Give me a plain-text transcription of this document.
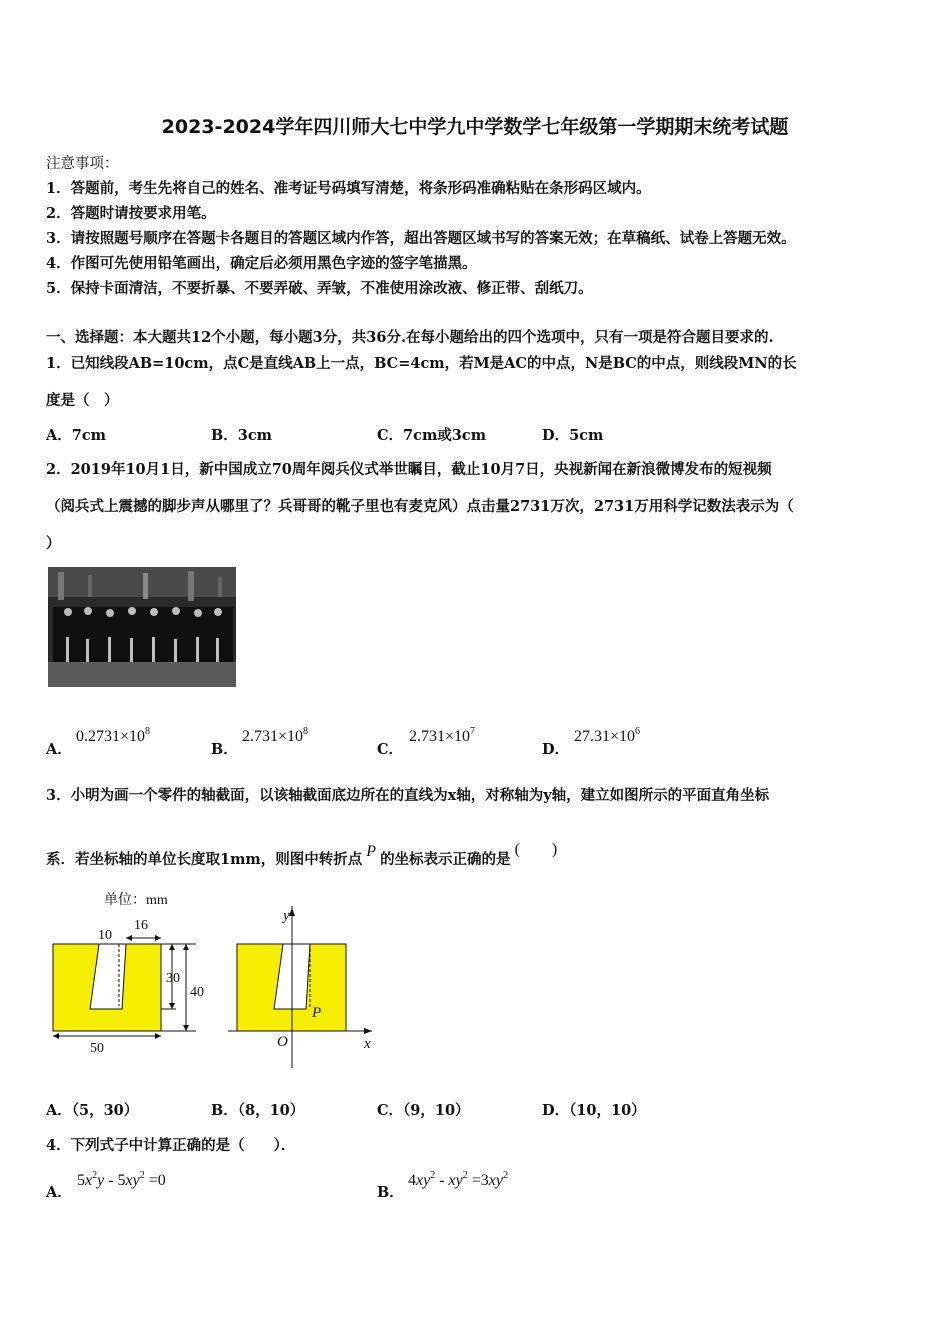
2023-2024学年四川师大七中学九中学数学七年级第一学期期末统考试题
注意事项：
1．答题前，考生先将自己的姓名、准考证号码填写清楚，将条形码准确粘贴在条形码区域内。
2．答题时请按要求用笔。
3．请按照题号顺序在答题卡各题目的答题区域内作答，超出答题区域书写的答案无效；在草稿纸、试卷上答题无效。
4．作图可先使用铅笔画出，确定后必须用黑色字迹的签字笔描黑。
5．保持卡面清洁，不要折暴、不要弄破、弄皱，不准使用涂改液、修正带、刮纸刀。
一、选择题：本大题共12个小题，每小题3分，共36分.在每小题给出的四个选项中，只有一项是符合题目要求的.
1．已知线段AB=10cm，点C是直线AB上一点，BC=4cm，若M是AC的中点，N是BC的中点，则线段MN的长
度是（　）
A．7cm	B．3cm	C．7cm或3cm	D．5cm
2．2019年10月1日，新中国成立70周年阅兵仪式举世瞩目，截止10月7日，央视新闻在新浪微博发布的短视频
（阅兵式上震撼的脚步声从哪里了？兵哥哥的靴子里也有麦克风）点击量2731万次，2731万用科学记数法表示为（
）
A．
$0.2731\times 10^8$
B．
$2.731\times 10^8$
C．
$2.731\times 10^7$
D．
$27.31\times 10^6$
3．小明为画一个零件的轴截面，以该轴截面底边所在的直线为x轴，对称轴为y轴，建立如图所示的平面直角坐标
系．若坐标轴的单位长度取1mm，则图中转折点 P 的坐标表示正确的是(　　)
单位：mm
16
10
40
30
50
y
x
O
P
A．（5，30）	B．（8，10）	C．（9，10）	D．（10，10）
4．下列式子中计算正确的是（　　）．
A．
$5x^2y - 5xy^2 =0$
B．
$4xy^2 - xy^2 =3xy^2$
